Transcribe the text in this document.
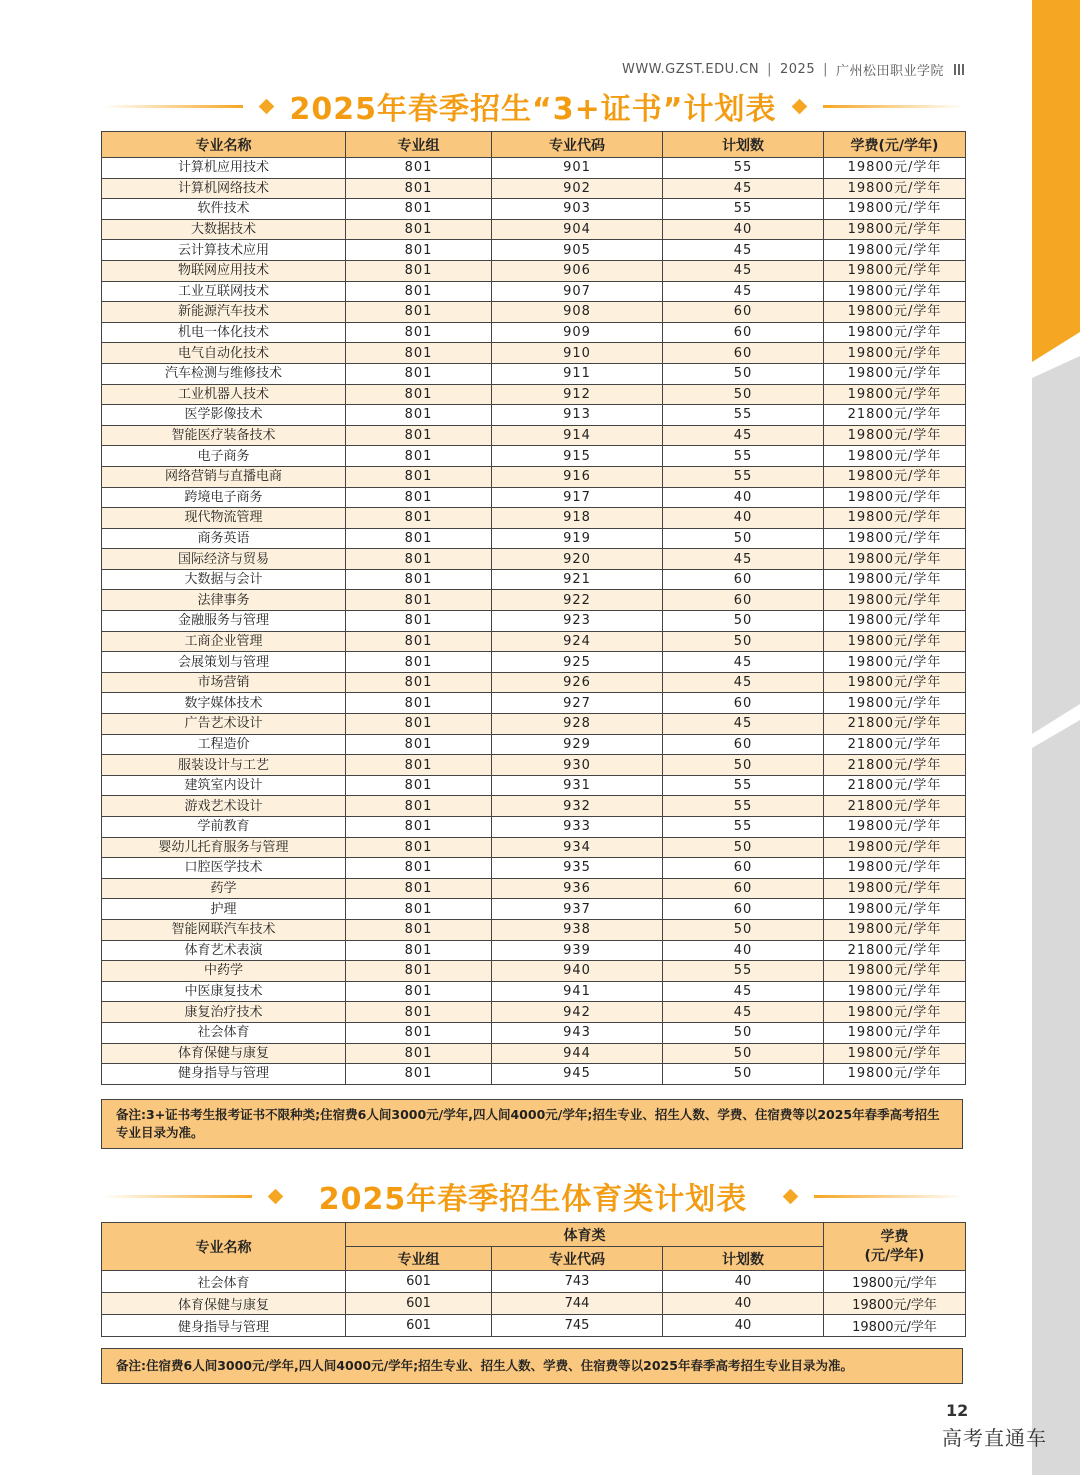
WWW.GZST.EDU.CN | 2025 | 广州松田职业学院
2025年春季招生“3+证书”计划表
专业名称	专业组	专业代码	计划数	学费(元/学年)
计算机应用技术	801	901	55	19800元/学年
计算机网络技术	801	902	45	19800元/学年
软件技术	801	903	55	19800元/学年
大数据技术	801	904	40	19800元/学年
云计算技术应用	801	905	45	19800元/学年
物联网应用技术	801	906	45	19800元/学年
工业互联网技术	801	907	45	19800元/学年
新能源汽车技术	801	908	60	19800元/学年
机电一体化技术	801	909	60	19800元/学年
电气自动化技术	801	910	60	19800元/学年
汽车检测与维修技术	801	911	50	19800元/学年
工业机器人技术	801	912	50	19800元/学年
医学影像技术	801	913	55	21800元/学年
智能医疗装备技术	801	914	45	19800元/学年
电子商务	801	915	55	19800元/学年
网络营销与直播电商	801	916	55	19800元/学年
跨境电子商务	801	917	40	19800元/学年
现代物流管理	801	918	40	19800元/学年
商务英语	801	919	50	19800元/学年
国际经济与贸易	801	920	45	19800元/学年
大数据与会计	801	921	60	19800元/学年
法律事务	801	922	60	19800元/学年
金融服务与管理	801	923	50	19800元/学年
工商企业管理	801	924	50	19800元/学年
会展策划与管理	801	925	45	19800元/学年
市场营销	801	926	45	19800元/学年
数字媒体技术	801	927	60	19800元/学年
广告艺术设计	801	928	45	21800元/学年
工程造价	801	929	60	21800元/学年
服装设计与工艺	801	930	50	21800元/学年
建筑室内设计	801	931	55	21800元/学年
游戏艺术设计	801	932	55	21800元/学年
学前教育	801	933	55	19800元/学年
婴幼儿托育服务与管理	801	934	50	19800元/学年
口腔医学技术	801	935	60	19800元/学年
药学	801	936	60	19800元/学年
护理	801	937	60	19800元/学年
智能网联汽车技术	801	938	50	19800元/学年
体育艺术表演	801	939	40	21800元/学年
中药学	801	940	55	19800元/学年
中医康复技术	801	941	45	19800元/学年
康复治疗技术	801	942	45	19800元/学年
社会体育	801	943	50	19800元/学年
体育保健与康复	801	944	50	19800元/学年
健身指导与管理	801	945	50	19800元/学年
备注:3+证书考生报考证书不限种类;住宿费6人间3000元/学年,四人间4000元/学年;招生专业、招生人数、学费、住宿费等以2025年春季高考招生专业目录为准。
2025年春季招生体育类计划表
专业名称	体育类			学费
(元/学年)
	专业组	专业代码	计划数	
社会体育	601	743	40	19800元/学年
体育保健与康复	601	744	40	19800元/学年
健身指导与管理	601	745	40	19800元/学年
备注:住宿费6人间3000元/学年,四人间4000元/学年;招生专业、招生人数、学费、住宿费等以2025年春季高考招生专业目录为准。
12
高考直通车
